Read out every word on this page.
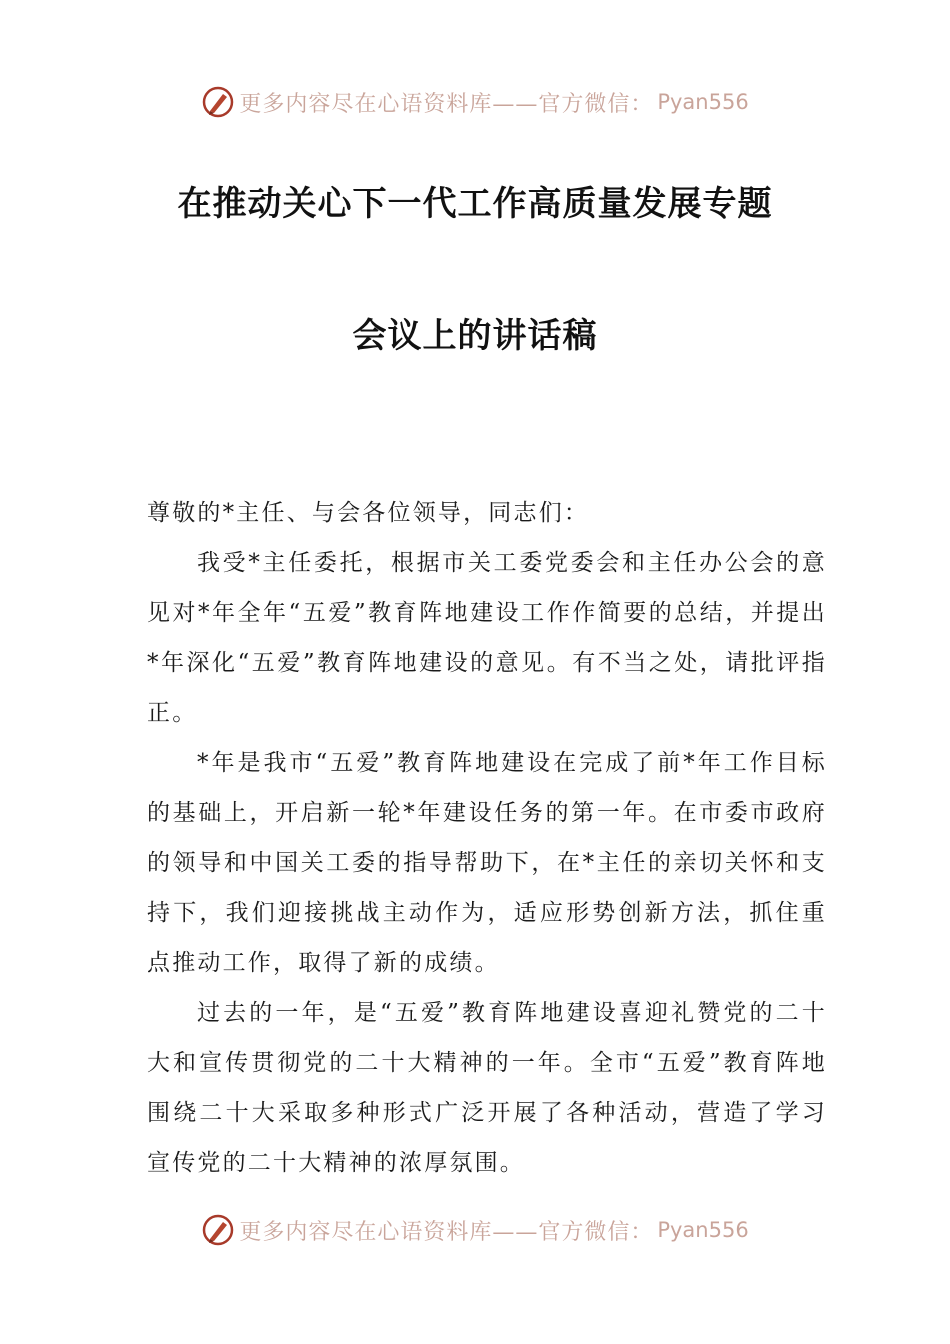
更多内容尽在心语资料库——官方微信： Pyan556
在推动关心下一代工作高质量发展专题
会议上的讲话稿

尊敬的*主任、与会各位领导，同志们：

我受*主任委托，根据市关工委党委会和主任办公会的意见对*年全年“五爱”教育阵地建设工作作简要的总结，并提出*年深化“五爱”教育阵地建设的意见。有不当之处，请批评指正。

*年是我市“五爱”教育阵地建设在完成了前*年工作目标的基础上，开启新一轮*年建设任务的第一年。在市委市政府的领导和中国关工委的指导帮助下，在*主任的亲切关怀和支持下，我们迎接挑战主动作为，适应形势创新方法，抓住重点推动工作，取得了新的成绩。

过去的一年，是“五爱”教育阵地建设喜迎礼赞党的二十大和宣传贯彻党的二十大精神的一年。全市“五爱”教育阵地围绕二十大采取多种形式广泛开展了各种活动，营造了学习宣传党的二十大精神的浓厚氛围。

更多内容尽在心语资料库——官方微信： Pyan556
